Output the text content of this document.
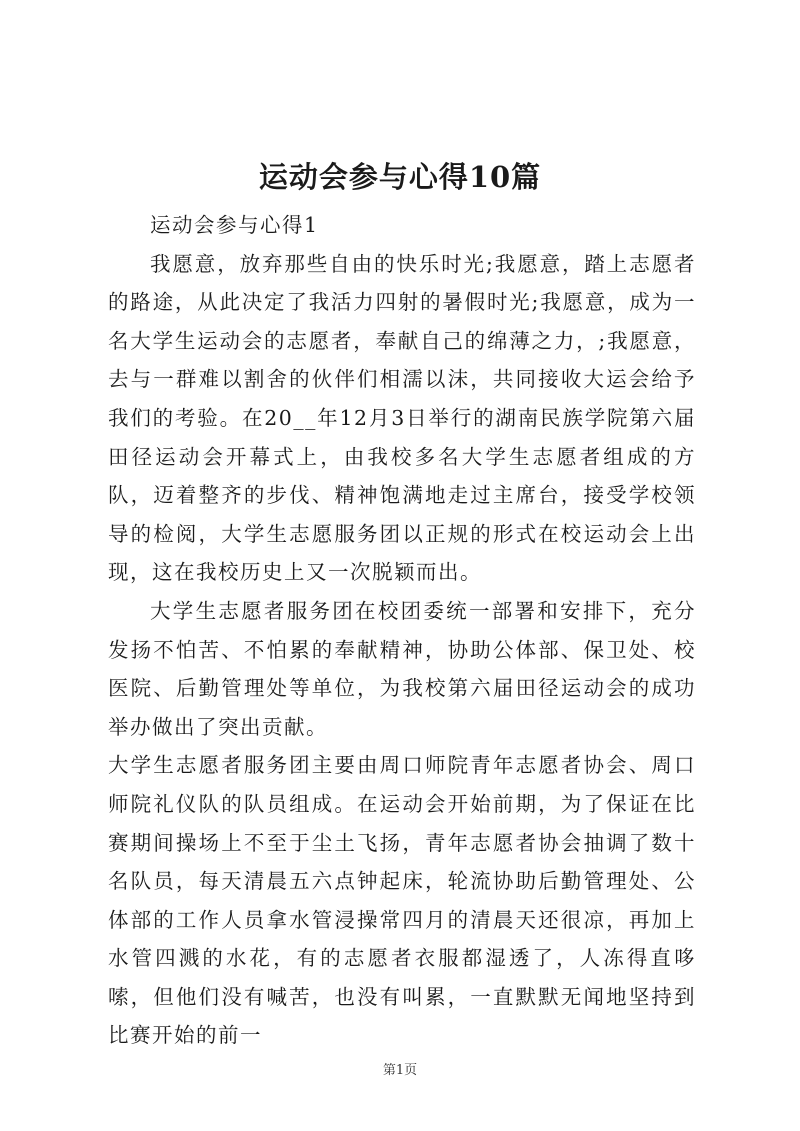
运动会参与心得10篇

运动会参与心得1

我愿意，放弃那些自由的快乐时光;我愿意，踏上志愿者的路途，从此决定了我活力四射的暑假时光;我愿意，成为一名大学生运动会的志愿者，奉献自己的绵薄之力，;我愿意，去与一群难以割舍的伙伴们相濡以沫，共同接收大运会给予我们的考验。在20__年12月3日举行的湖南民族学院第六届田径运动会开幕式上，由我校多名大学生志愿者组成的方队，迈着整齐的步伐、精神饱满地走过主席台，接受学校领导的检阅，大学生志愿服务团以正规的形式在校运动会上出现，这在我校历史上又一次脱颖而出。

大学生志愿者服务团在校团委统一部署和安排下，充分发扬不怕苦、不怕累的奉献精神，协助公体部、保卫处、校医院、后勤管理处等单位，为我校第六届田径运动会的成功举办做出了突出贡献。

大学生志愿者服务团主要由周口师院青年志愿者协会、周口师院礼仪队的队员组成。在运动会开始前期，为了保证在比赛期间操场上不至于尘土飞扬，青年志愿者协会抽调了数十名队员，每天清晨五六点钟起床，轮流协助后勤管理处、公体部的工作人员拿水管浸操常四月的清晨天还很凉，再加上水管四溅的水花，有的志愿者衣服都湿透了，人冻得直哆嗦，但他们没有喊苦，也没有叫累，一直默默无闻地坚持到比赛开始的前一

第1页
